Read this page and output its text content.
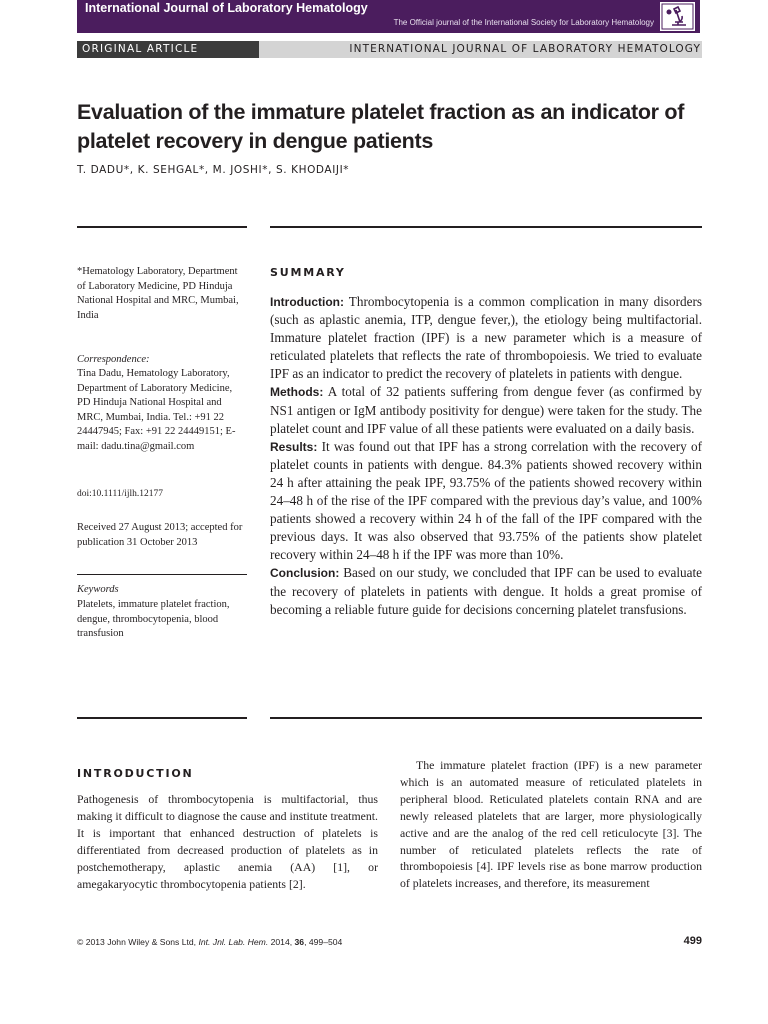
International Journal of Laboratory Hematology
The Official journal of the International Society for Laboratory Hematology
ORIGINAL ARTICLE	INTERNATIONAL JOURNAL OF LABORATORY HEMATOLOGY
Evaluation of the immature platelet fraction as an indicator of platelet recovery in dengue patients
T. DADU*, K. SEHGAL*, M. JOSHI*, S. KHODAIJI*
*Hematology Laboratory, Department of Laboratory Medicine, PD Hinduja National Hospital and MRC, Mumbai, India
Correspondence:
Tina Dadu, Hematology Laboratory, Department of Laboratory Medicine, PD Hinduja National Hospital and MRC, Mumbai, India. Tel.: +91 22 24447945; Fax: +91 22 24449151; E-mail: dadu.tina@gmail.com
doi:10.1111/ijlh.12177
Received 27 August 2013; accepted for publication 31 October 2013
Keywords
Platelets, immature platelet fraction, dengue, thrombocytopenia, blood transfusion
SUMMARY

Introduction: Thrombocytopenia is a common complication in many disorders (such as aplastic anemia, ITP, dengue fever,), the etiology being multifactorial. Immature platelet fraction (IPF) is a new parameter which is a measure of reticulated platelets that reflects the rate of thrombopoiesis. We tried to evaluate IPF as an indicator to predict the recovery of platelets in patients with dengue.

Methods: A total of 32 patients suffering from dengue fever (as confirmed by NS1 antigen or IgM antibody positivity for dengue) were taken for the study. The platelet count and IPF value of all these patients were evaluated on a daily basis.

Results: It was found out that IPF has a strong correlation with the recovery of platelet counts in patients with dengue. 84.3% patients showed recovery within 24 h after attaining the peak IPF, 93.75% of the patients showed recovery within 24–48 h of the rise of the IPF compared with the previous day’s value, and 100% patients showed a recovery within 24 h of the fall of the IPF compared with the previous days. It was also observed that 93.75% of the patients show platelet recovery within 24–48 h if the IPF was more than 10%.

Conclusion: Based on our study, we concluded that IPF can be used to evaluate the recovery of platelets in patients with dengue. It holds a great promise of becoming a reliable future guide for decisions concerning platelet transfusions.

INTRODUCTION
Pathogenesis of thrombocytopenia is multifactorial, thus making it difficult to diagnose the cause and institute treatment. It is important that enhanced destruction of platelets is differentiated from decreased production of platelets as in postchemotherapy, aplastic anemia (AA) [1], or amegakaryocytic thrombocytopenia patients [2].
The immature platelet fraction (IPF) is a new parameter which is an automated measure of reticulated platelets in peripheral blood. Reticulated platelets contain RNA and are newly released platelets that are larger, more physiologically active and are the analog of the red cell reticulocyte [3]. The number of reticulated platelets reflects the rate of thrombopoiesis [4]. IPF levels rise as bone marrow production of platelets increases, and therefore, its measurement
© 2013 John Wiley & Sons Ltd, Int. Jnl. Lab. Hem. 2014, 36, 499–504	499
